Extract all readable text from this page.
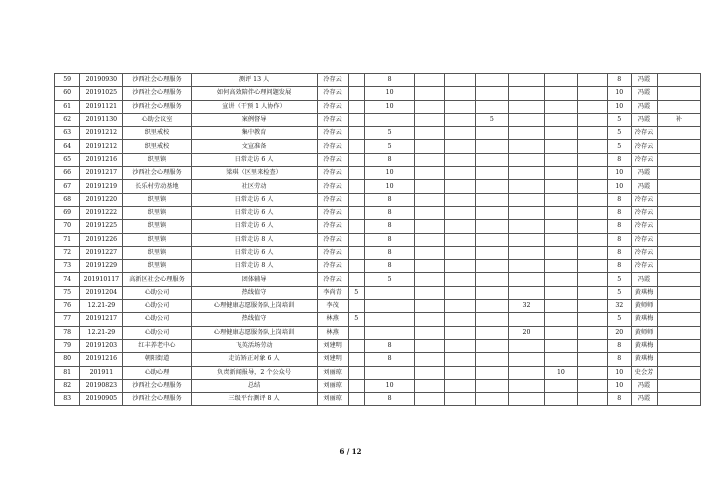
59	20190930	沙西社会心理服务	测评 13 人	冷存云		8							8	冯霞	
60	20191025	沙西社会心理服务	如何高效陪伴心理问题发展	冷存云		10							10	冯霞	
61	20191121	沙西社会心理服务	宣讲（干预 1 人协作）	冷存云		10							10	冯霞	
62	20191130	心助会议室	案例督导	冷存云					5				5	冯霞	补
63	20191212	织里戒校	集中教育	冷存云		5							5	冷存云	
64	20191212	织里戒校	文宣准备	冷存云		5							5	冷存云	
65	20191216	织里镇	日常走访 6 人	冷存云		8							8	冷存云	
66	20191217	沙西社会心理服务	梁琪（区里来检查）	冷存云		10							10	冯霞	
67	20191219	长乐村劳动基地	社区劳动	冷存云		10							10	冯霞	
68	20191220	织里镇	日常走访 6 人	冷存云		8							8	冷存云	
69	20191222	织里镇	日常走访 6 人	冷存云		8							8	冷存云	
70	20191225	织里镇	日常走访 6 人	冷存云		8							8	冷存云	
71	20191226	织里镇	日常走访 8 人	冷存云		8							8	冷存云	
72	20191227	织里镇	日常走访 6 人	冷存云		8							8	冷存云	
73	20191229	织里镇	日常走访 8 人	冷存云		8							8	冷存云	
74	201910117	高新区社会心理服务	团体辅导	冷存云		5							5	冯霞	
75	20191204	心助公司	热线值守	李尚青	5								5	黄琪梅	
76	12.21-29	心助公司	心理健康志愿服务队上岗培训	李茂						32			32	黄师师	
77	20191217	心助公司	热线值守	林燕	5								5	黄琪梅	
78	12.21-29	心助公司	心理健康志愿服务队上岗培训	林燕						20			20	黄师师	
79	20191203	红丰养老中心	飞英活场劳动	刘建明		8							8	黄琪梅	
80	20191216	朝阳街道	走访矫正对象 6 人	刘建明		8							8	黄琪梅	
81	201911	心助心理	负责新闻报导，2 个公众号	刘丽琼							10		10	史会芳	
82	20190823	沙西社会心理服务	总结	刘丽琼		10							10	冯霞	
83	20190905	沙西社会心理服务	三级平台测评 8 人	刘丽琼		8							8	冯霞	
6 / 12
